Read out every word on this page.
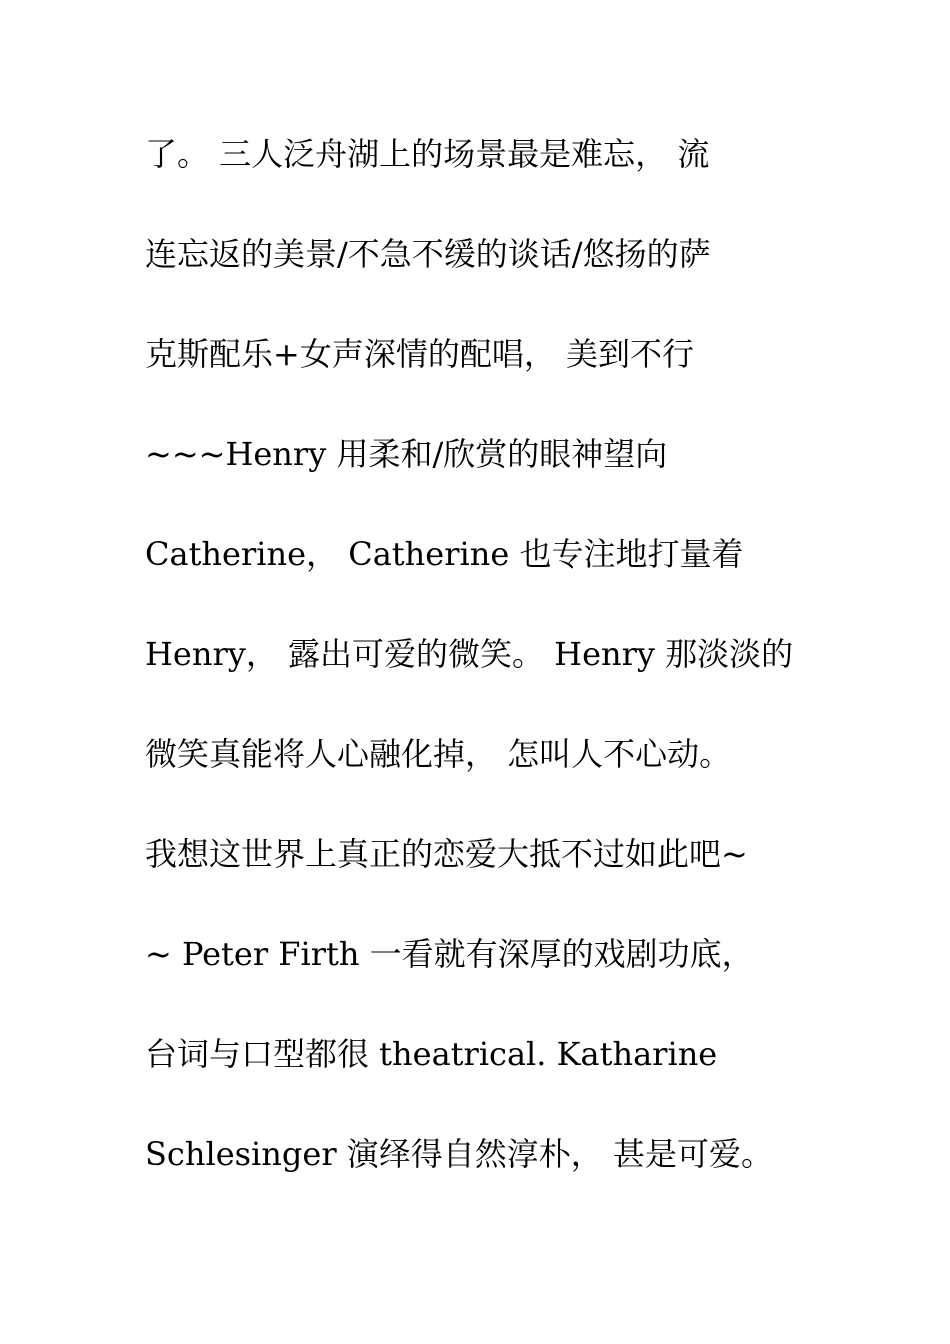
了。 三人泛舟湖上的场景最是难忘， 流
连忘返的美景/不急不缓的谈话/悠扬的萨
克斯配乐+女声深情的配唱， 美到不行
~~~Henry 用柔和/欣赏的眼神望向
Catherine， Catherine 也专注地打量着
Henry， 露出可爱的微笑。 Henry 那淡淡的
微笑真能将人心融化掉， 怎叫人不心动。
我想这世界上真正的恋爱大抵不过如此吧~
~ Peter Firth 一看就有深厚的戏剧功底，
台词与口型都很 theatrical. Katharine
Schlesinger 演绎得自然淳朴， 甚是可爱。
